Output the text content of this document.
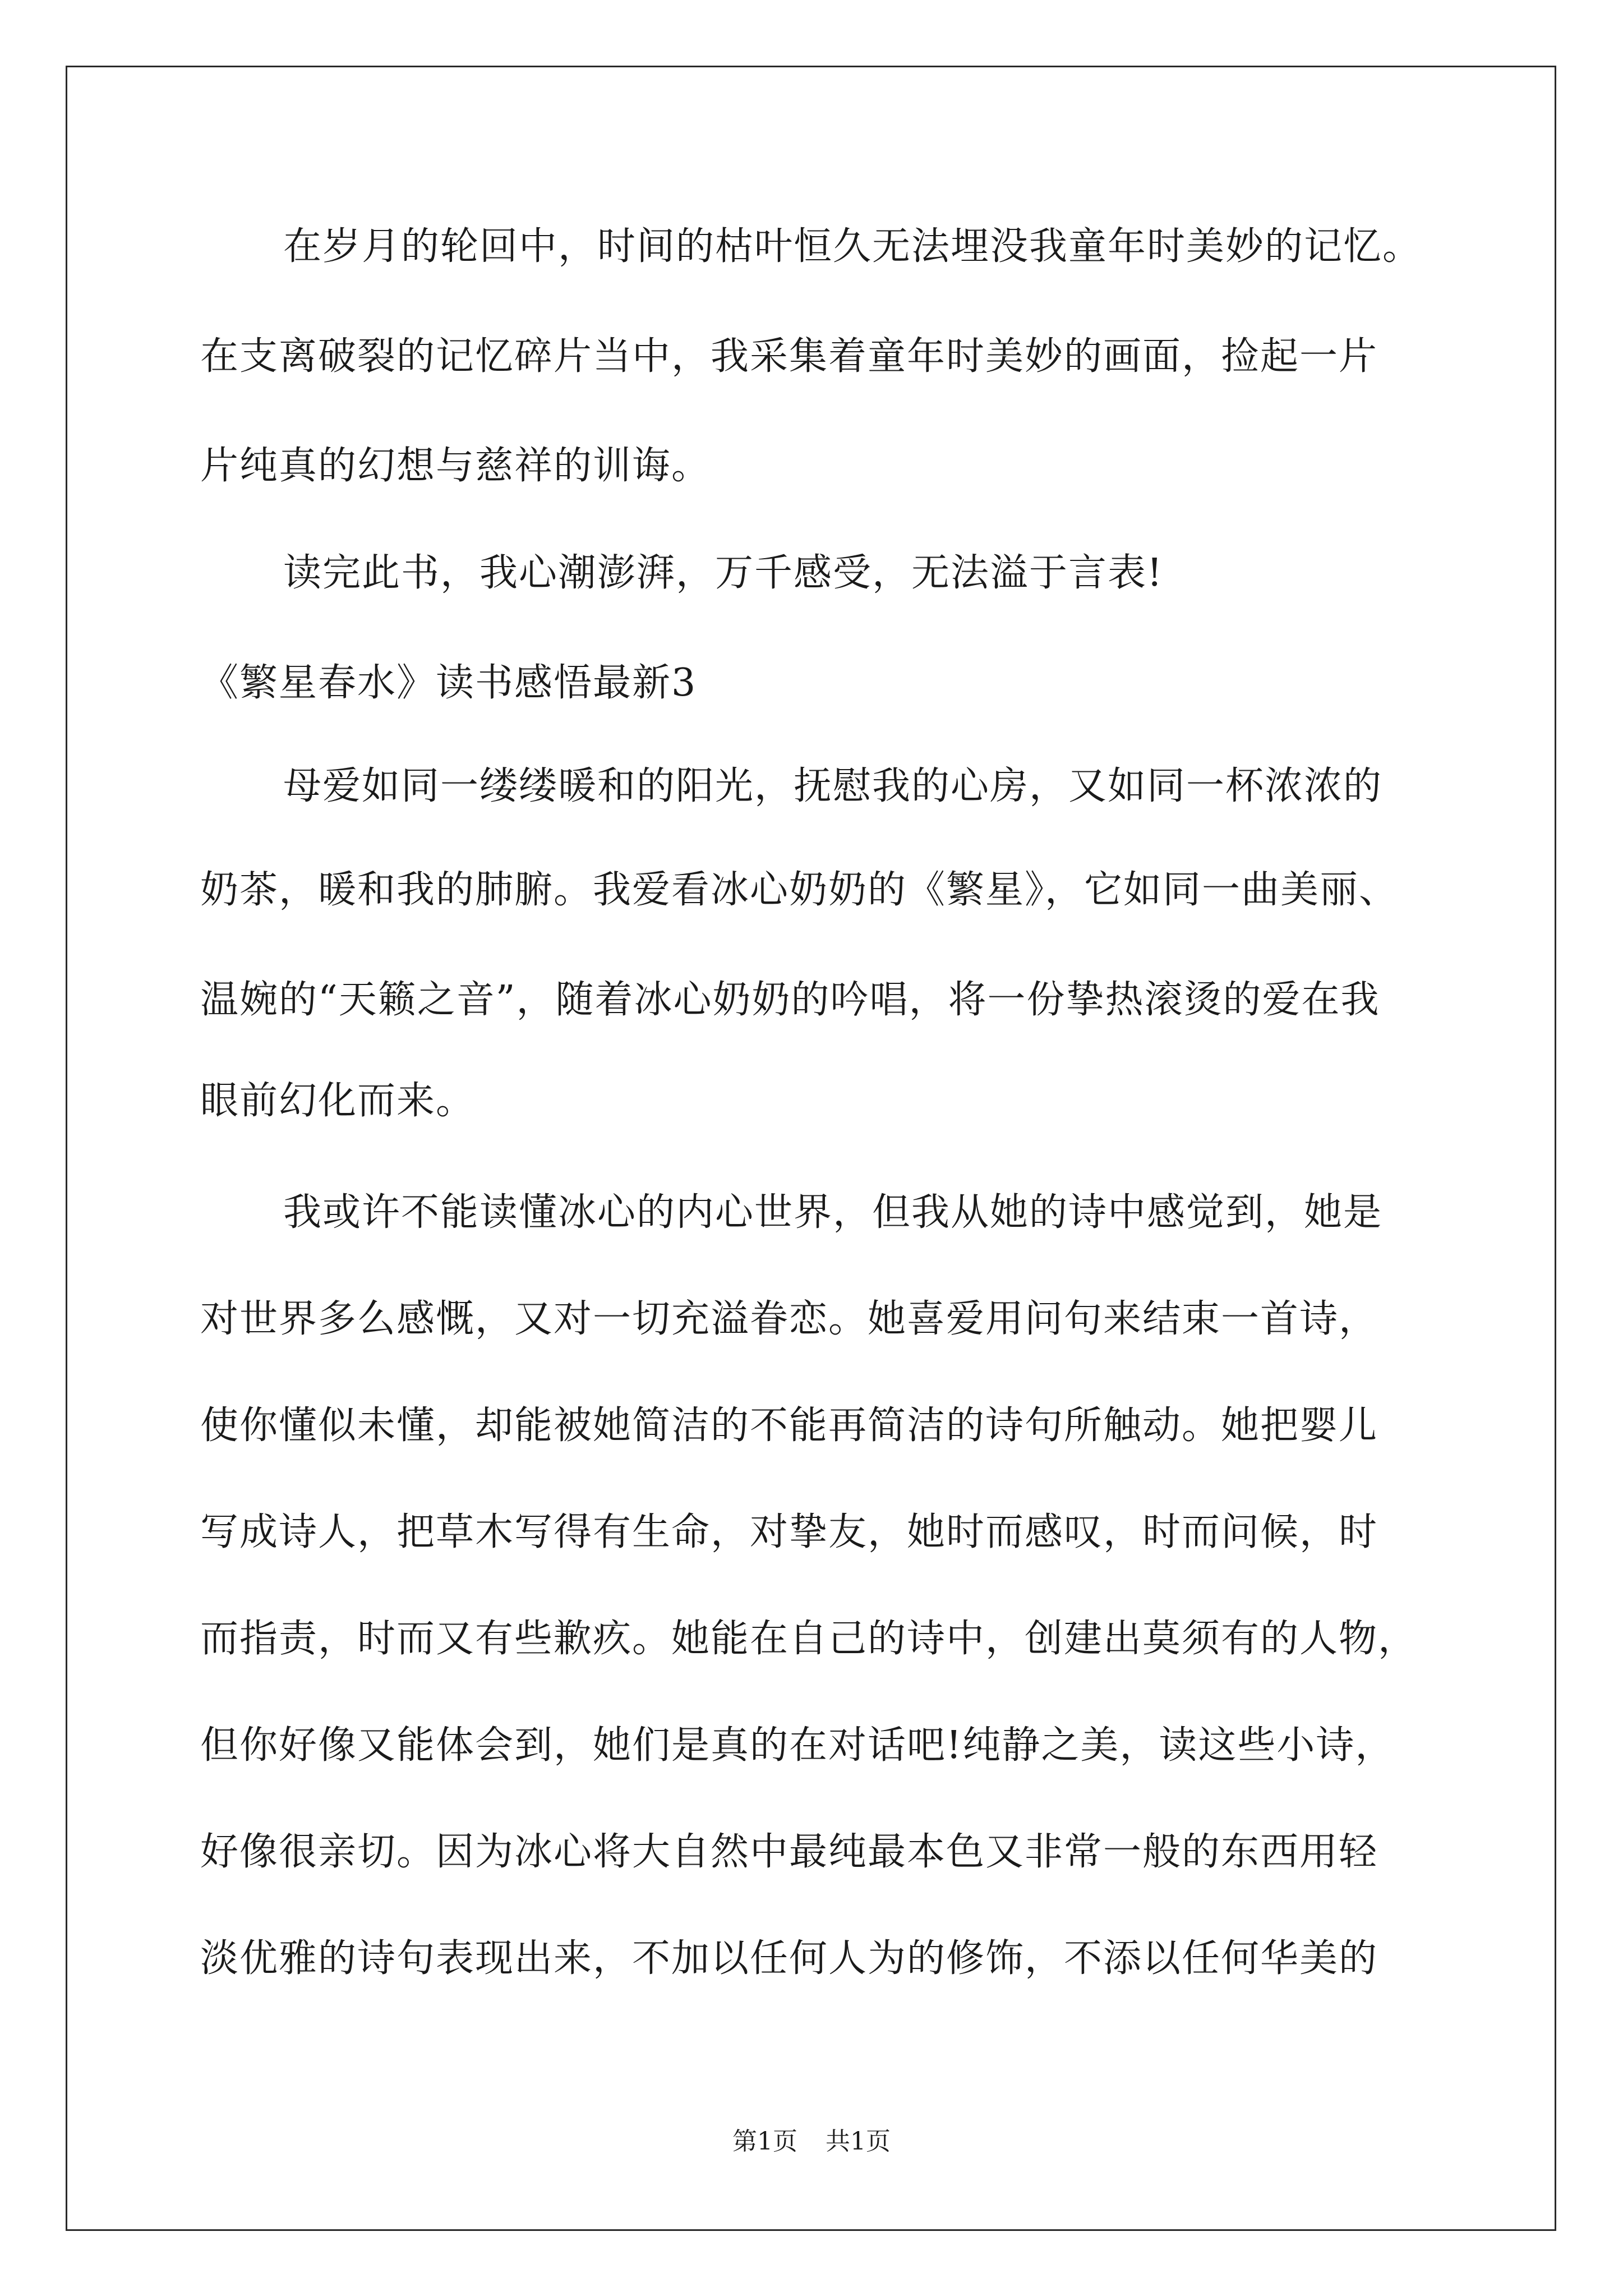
在岁月的轮回中，时间的枯叶恒久无法埋没我童年时美妙的记忆。
在支离破裂的记忆碎片当中，我采集着童年时美妙的画面，捡起一片
片纯真的幻想与慈祥的训诲。
读完此书，我心潮澎湃，万千感受，无法溢于言表!
《繁星春水》读书感悟最新3
母爱如同一缕缕暖和的阳光，抚慰我的心房，又如同一杯浓浓的
奶茶，暖和我的肺腑。我爱看冰心奶奶的《繁星》，它如同一曲美丽、
温婉的“天籁之音”，随着冰心奶奶的吟唱，将一份挚热滚烫的爱在我
眼前幻化而来。
我或许不能读懂冰心的内心世界，但我从她的诗中感觉到，她是
对世界多么感慨，又对一切充溢眷恋。她喜爱用问句来结束一首诗，
使你懂似未懂，却能被她简洁的不能再简洁的诗句所触动。她把婴儿
写成诗人，把草木写得有生命，对挚友，她时而感叹，时而问候，时
而指责，时而又有些歉疚。她能在自己的诗中，创建出莫须有的人物，
但你好像又能体会到，她们是真的在对话吧!纯静之美，读这些小诗，
好像很亲切。因为冰心将大自然中最纯最本色又非常一般的东西用轻
淡优雅的诗句表现出来，不加以任何人为的修饰，不添以任何华美的
第1页 共1页
